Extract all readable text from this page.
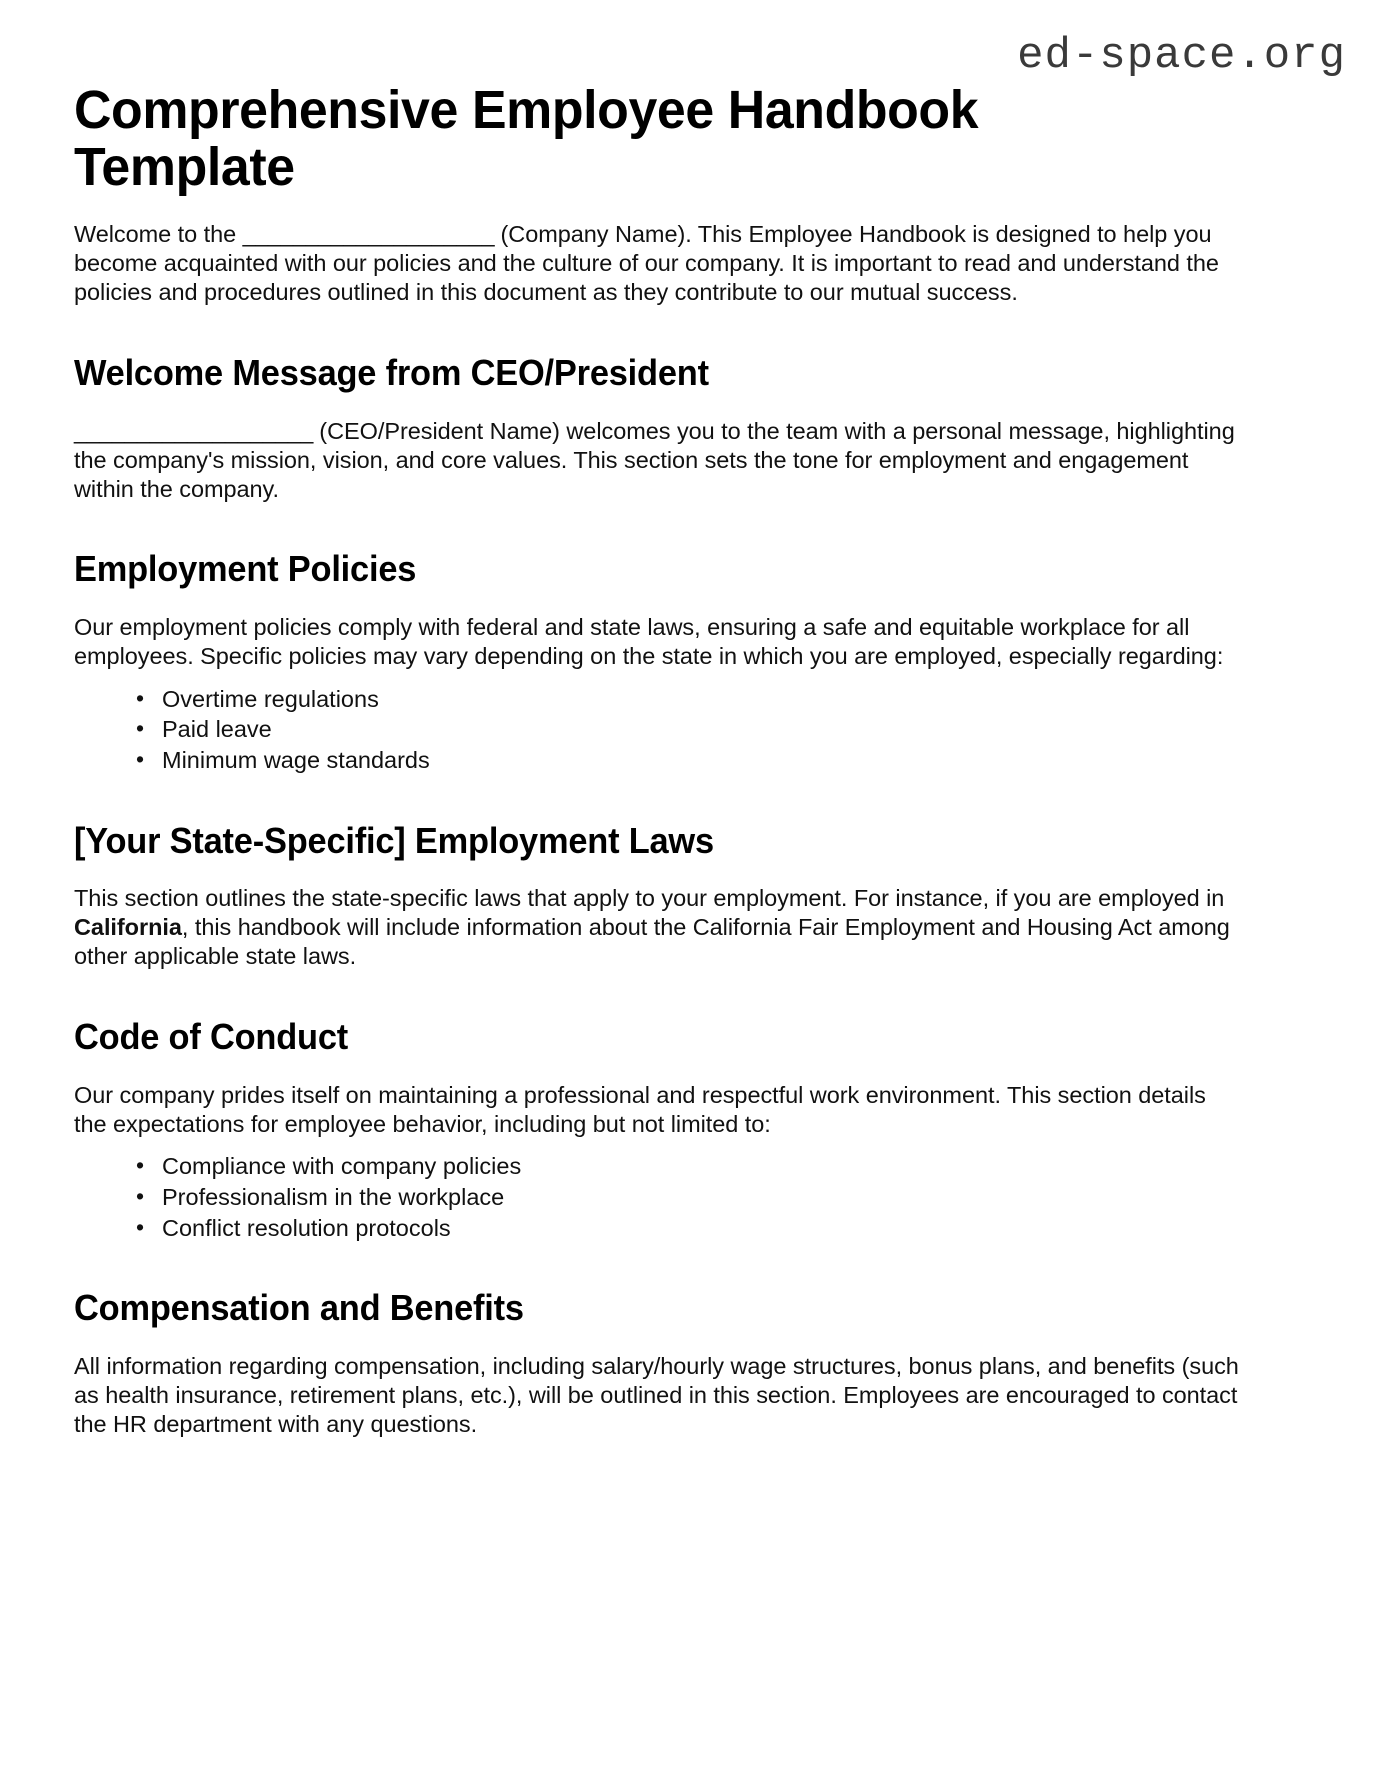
ed-space.org
Comprehensive Employee Handbook Template

Welcome to the ____________________ (Company Name). This Employee Handbook is designed to help you become acquainted with our policies and the culture of our company. It is important to read and understand the policies and procedures outlined in this document as they contribute to our mutual success.

Welcome Message from CEO/President

___________________ (CEO/President Name) welcomes you to the team with a personal message, highlighting the company's mission, vision, and core values. This section sets the tone for employment and engagement within the company.

Employment Policies

Our employment policies comply with federal and state laws, ensuring a safe and equitable workplace for all employees. Specific policies may vary depending on the state in which you are employed, especially regarding:

• Overtime regulations
• Paid leave
• Minimum wage standards
[Your State-Specific] Employment Laws

This section outlines the state-specific laws that apply to your employment. For instance, if you are employed in California, this handbook will include information about the California Fair Employment and Housing Act among other applicable state laws.

Code of Conduct

Our company prides itself on maintaining a professional and respectful work environment. This section details the expectations for employee behavior, including but not limited to:

• Compliance with company policies
• Professionalism in the workplace
• Conflict resolution protocols
Compensation and Benefits

All information regarding compensation, including salary/hourly wage structures, bonus plans, and benefits (such as health insurance, retirement plans, etc.), will be outlined in this section. Employees are encouraged to contact the HR department with any questions.
